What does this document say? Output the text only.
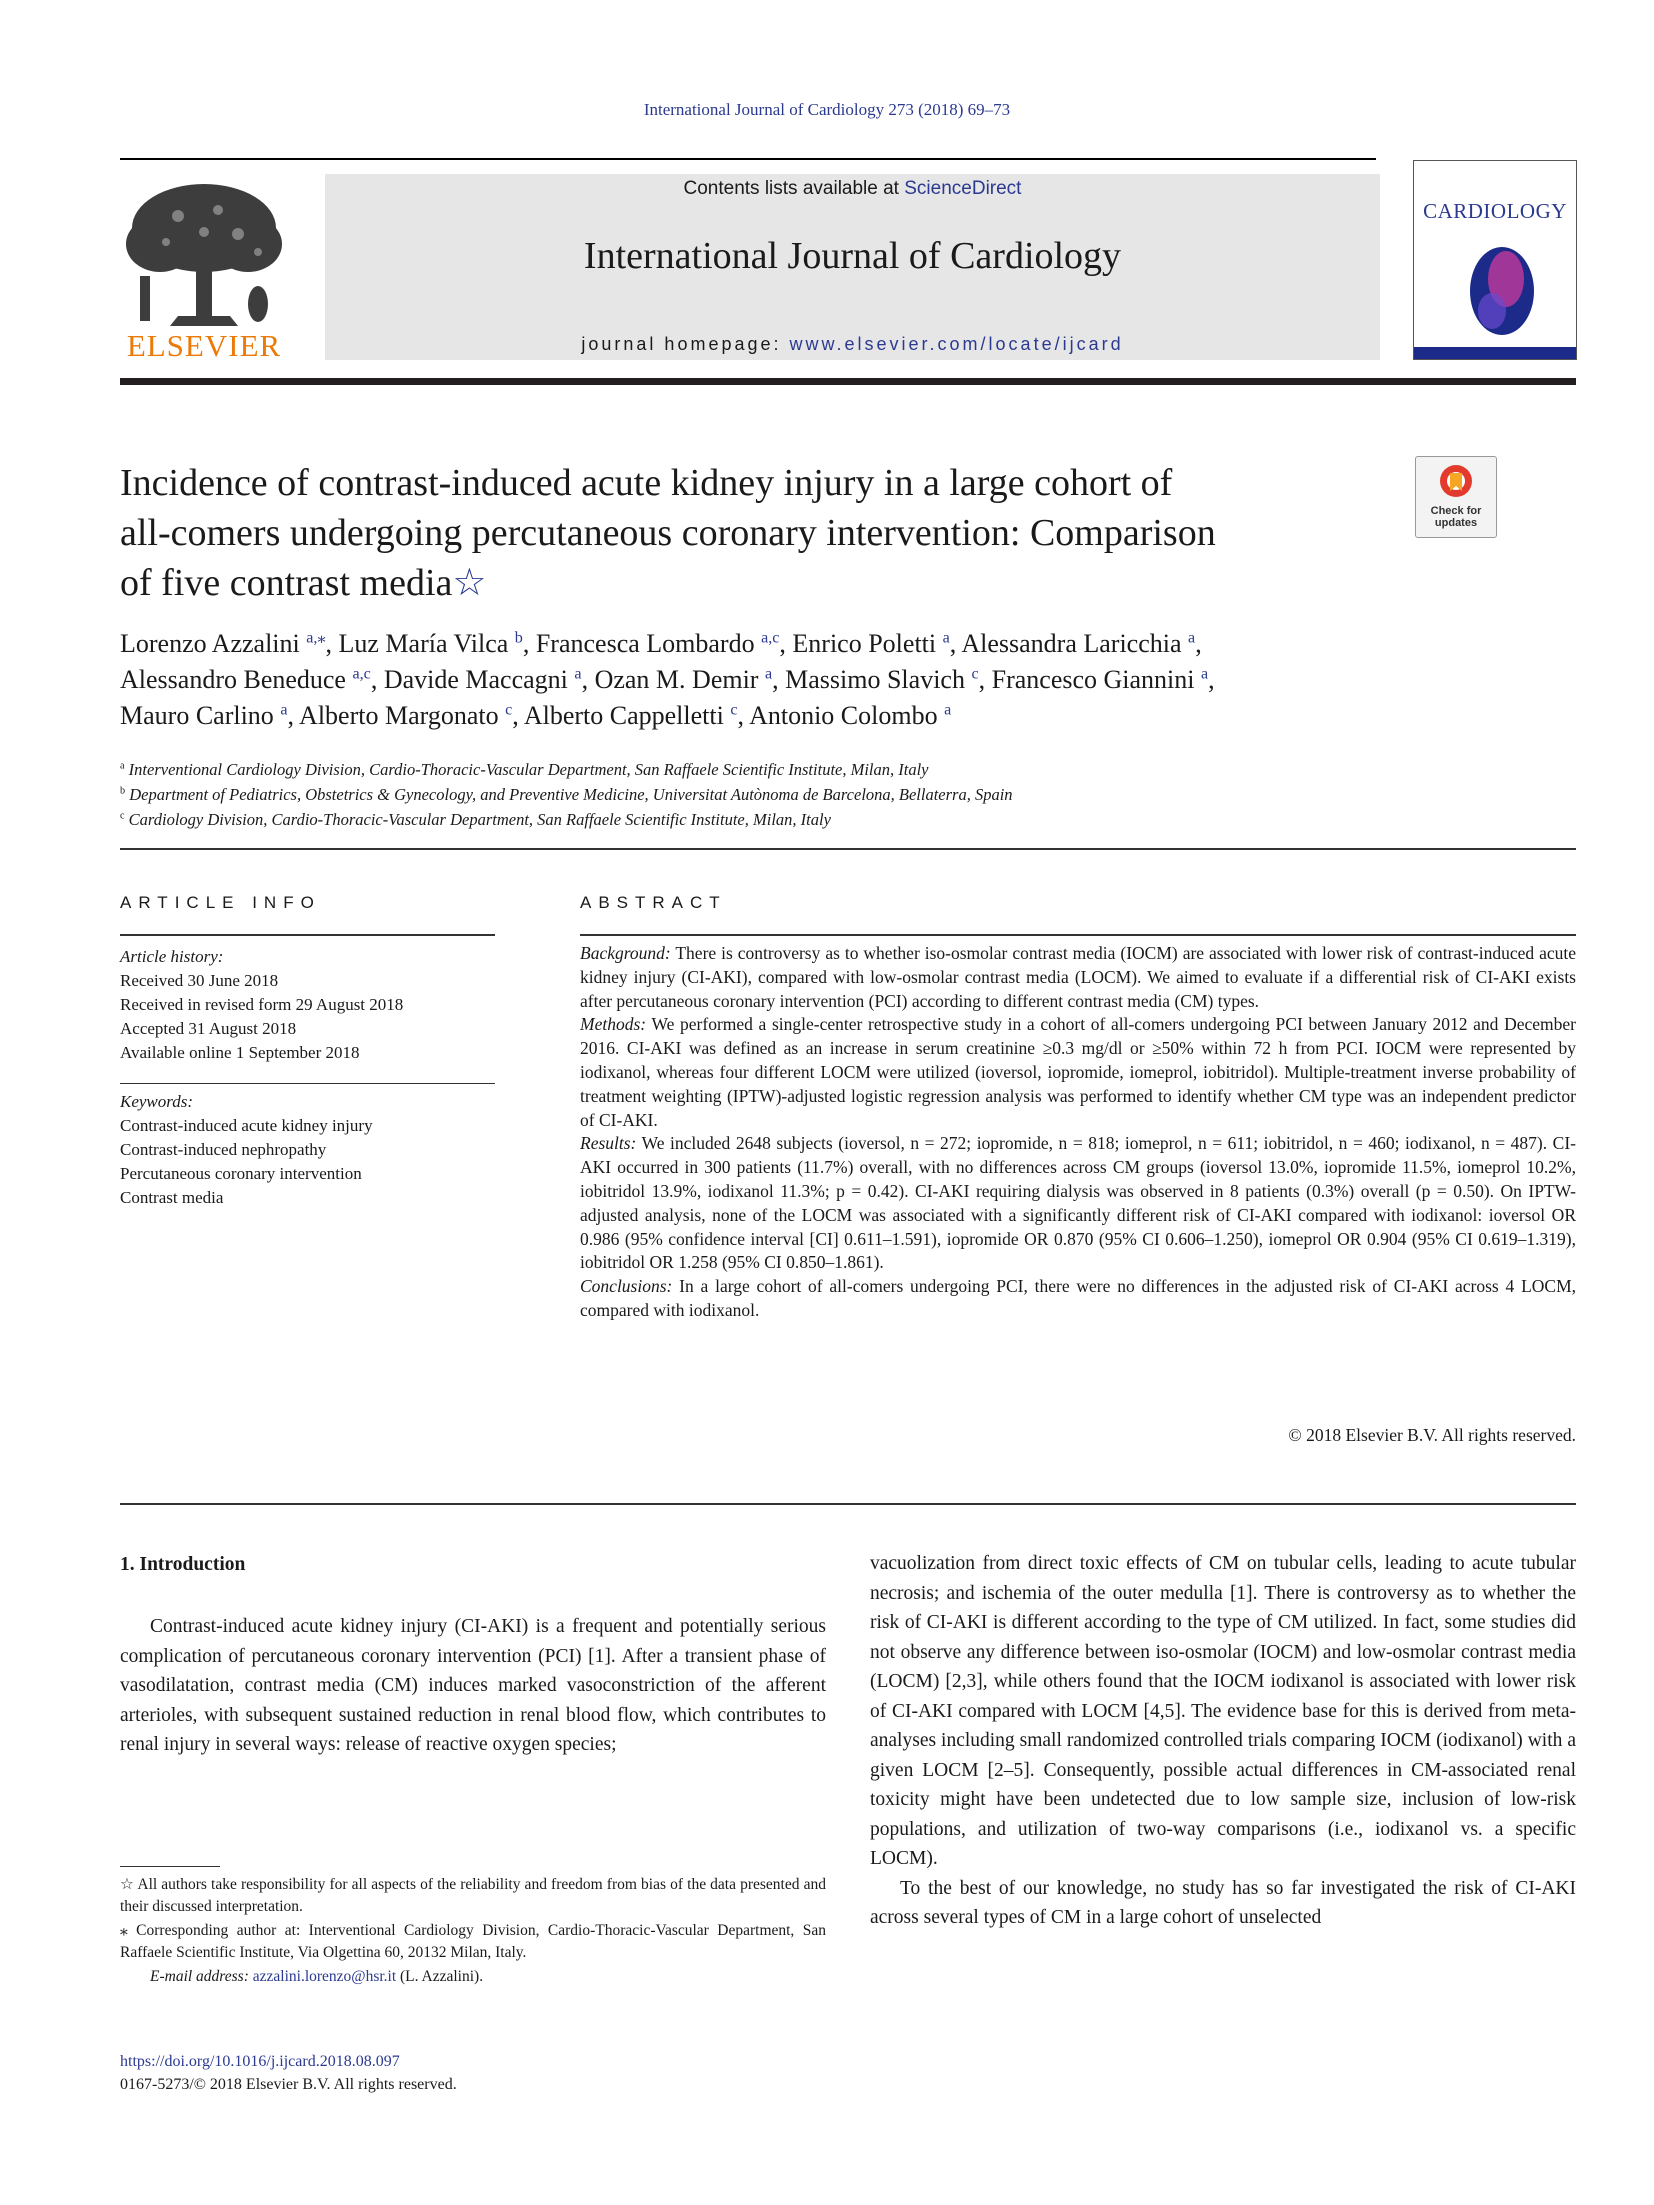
International Journal of Cardiology 273 (2018) 69–73
ELSEVIER
Contents lists available at ScienceDirect
International Journal of Cardiology
journal homepage: www.elsevier.com/locate/ijcard
CARDIOLOGY
Incidence of contrast-induced acute kidney injury in a large cohort of
all-comers undergoing percutaneous coronary intervention: Comparison
of five contrast media☆
Check for
updates
Lorenzo Azzalini $^{a,⁎}$, Luz María Vilca $^b$, Francesca Lombardo $^{a,c}$, Enrico Poletti $^a$, Alessandra Laricchia $^a$,
Alessandro Beneduce $^{a,c}$, Davide Maccagni $^a$, Ozan M. Demir $^a$, Massimo Slavich $^c$, Francesco Giannini $^a$,
Mauro Carlino $^a$, Alberto Margonato $^c$, Alberto Cappelletti $^c$, Antonio Colombo $^a$
$^a$ Interventional Cardiology Division, Cardio-Thoracic-Vascular Department, San Raffaele Scientific Institute, Milan, Italy
$^b$ Department of Pediatrics, Obstetrics & Gynecology, and Preventive Medicine, Universitat Autònoma de Barcelona, Bellaterra, Spain
$^c$ Cardiology Division, Cardio-Thoracic-Vascular Department, San Raffaele Scientific Institute, Milan, Italy
ARTICLE INFO	ABSTRACT
Article history:
Received 30 June 2018
Received in revised form 29 August 2018
Accepted 31 August 2018
Available online 1 September 2018
Keywords:
Contrast-induced acute kidney injury
Contrast-induced nephropathy
Percutaneous coronary intervention
Contrast media

Background: There is controversy as to whether iso-osmolar contrast media (IOCM) are associated with lower risk of contrast-induced acute kidney injury (CI-AKI), compared with low-osmolar contrast media (LOCM). We aimed to evaluate if a differential risk of CI-AKI exists after percutaneous coronary intervention (PCI) according to different contrast media (CM) types.

Methods: We performed a single-center retrospective study in a cohort of all-comers undergoing PCI between January 2012 and December 2016. CI-AKI was defined as an increase in serum creatinine ≥0.3 mg/dl or ≥50% within 72 h from PCI. IOCM were represented by iodixanol, whereas four different LOCM were utilized (ioversol, iopromide, iomeprol, iobitridol). Multiple-treatment inverse probability of treatment weighting (IPTW)-adjusted logistic regression analysis was performed to identify whether CM type was an independent predictor of CI-AKI.

Results: We included 2648 subjects (ioversol, n = 272; iopromide, n = 818; iomeprol, n = 611; iobitridol, n = 460; iodixanol, n = 487). CI-AKI occurred in 300 patients (11.7%) overall, with no differences across CM groups (ioversol 13.0%, iopromide 11.5%, iomeprol 10.2%, iobitridol 13.9%, iodixanol 11.3%; p = 0.42). CI-AKI requiring dialysis was observed in 8 patients (0.3%) overall (p = 0.50). On IPTW-adjusted analysis, none of the LOCM was associated with a significantly different risk of CI-AKI compared with iodixanol: ioversol OR 0.986 (95% confidence interval [CI] 0.611–1.591), iopromide OR 0.870 (95% CI 0.606–1.250), iomeprol OR 0.904 (95% CI 0.619–1.319), iobitridol OR 1.258 (95% CI 0.850–1.861).

Conclusions: In a large cohort of all-comers undergoing PCI, there were no differences in the adjusted risk of CI-AKI across 4 LOCM, compared with iodixanol.

© 2018 Elsevier B.V. All rights reserved.
1. Introduction

Contrast-induced acute kidney injury (CI-AKI) is a frequent and potentially serious complication of percutaneous coronary intervention (PCI) [1]. After a transient phase of vasodilatation, contrast media (CM) induces marked vasoconstriction of the afferent arterioles, with subsequent sustained reduction in renal blood flow, which contributes to renal injury in several ways: release of reactive oxygen species;

vacuolization from direct toxic effects of CM on tubular cells, leading to acute tubular necrosis; and ischemia of the outer medulla [1]. There is controversy as to whether the risk of CI-AKI is different according to the type of CM utilized. In fact, some studies did not observe any difference between iso-osmolar (IOCM) and low-osmolar contrast media (LOCM) [2,3], while others found that the IOCM iodixanol is associated with lower risk of CI-AKI compared with LOCM [4,5]. The evidence base for this is derived from meta-analyses including small randomized controlled trials comparing IOCM (iodixanol) with a given LOCM [2–5]. Consequently, possible actual differences in CM-associated renal toxicity might have been undetected due to low sample size, inclusion of low-risk populations, and utilization of two-way comparisons (i.e., iodixanol vs. a specific LOCM).

To the best of our knowledge, no study has so far investigated the risk of CI-AKI across several types of CM in a large cohort of unselected

☆ All authors take responsibility for all aspects of the reliability and freedom from bias of the data presented and their discussed interpretation.
⁎ Corresponding author at: Interventional Cardiology Division, Cardio-Thoracic-Vascular Department, San Raffaele Scientific Institute, Via Olgettina 60, 20132 Milan, Italy.
E-mail address: azzalini.lorenzo@hsr.it (L. Azzalini).
https://doi.org/10.1016/j.ijcard.2018.08.097
0167-5273/© 2018 Elsevier B.V. All rights reserved.
